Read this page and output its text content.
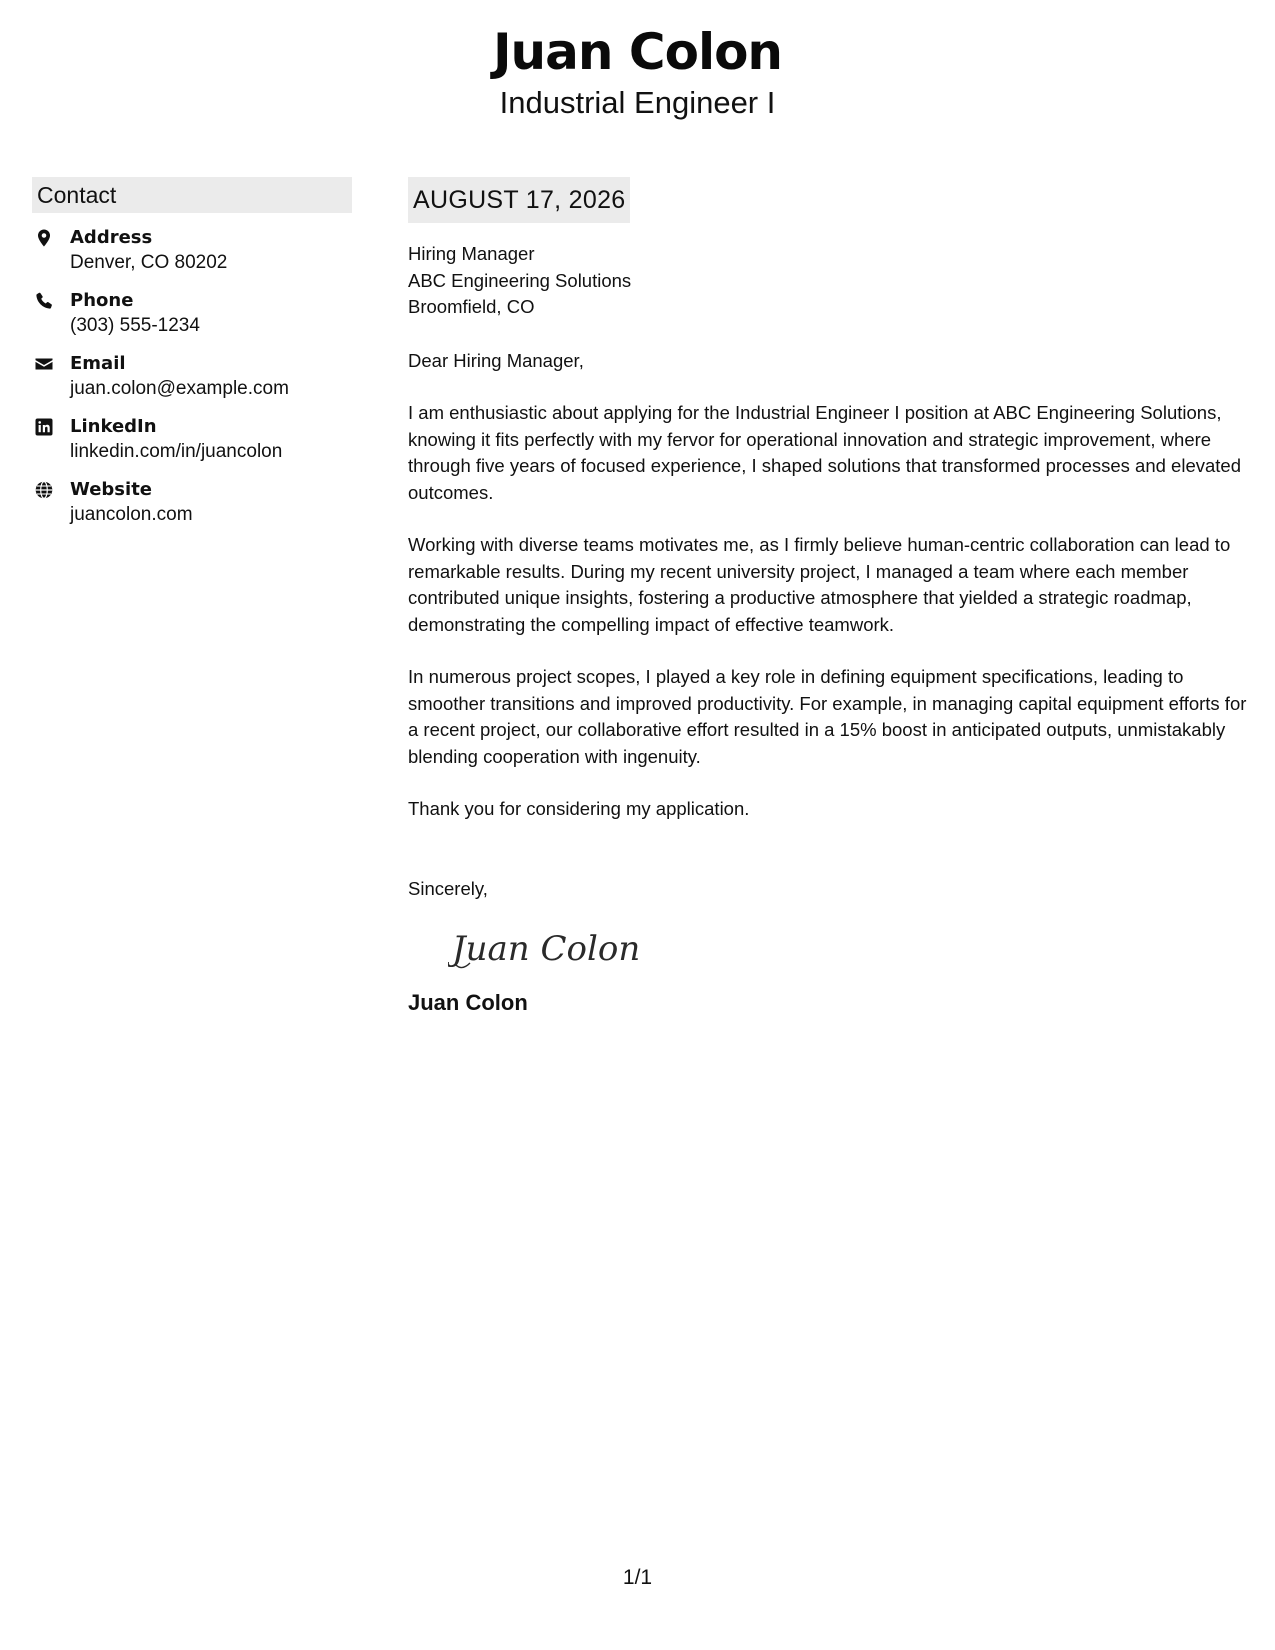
Juan Colon
Industrial Engineer I
Contact
Address
Denver, CO 80202
Phone
(303) 555-1234
Email
juan.colon@example.com
LinkedIn
linkedin.com/in/juancolon
Website
juancolon.com
AUGUST 17, 2026
Hiring Manager
ABC Engineering Solutions
Broomfield, CO
Dear Hiring Manager,
I am enthusiastic about applying for the Industrial Engineer I position at ABC Engineering Solutions, knowing it fits perfectly with my fervor for operational innovation and strategic improvement, where through five years of focused experience, I shaped solutions that transformed processes and elevated outcomes.
Working with diverse teams motivates me, as I firmly believe human-centric collaboration can lead to remarkable results. During my recent university project, I managed a team where each member contributed unique insights, fostering a productive atmosphere that yielded a strategic roadmap, demonstrating the compelling impact of effective teamwork.
In numerous project scopes, I played a key role in defining equipment specifications, leading to smoother transitions and improved productivity. For example, in managing capital equipment efforts for a recent project, our collaborative effort resulted in a 15% boost in anticipated outputs, unmistakably blending cooperation with ingenuity.
Thank you for considering my application.
Sincerely,
Juan Colon
Juan Colon
1/1
